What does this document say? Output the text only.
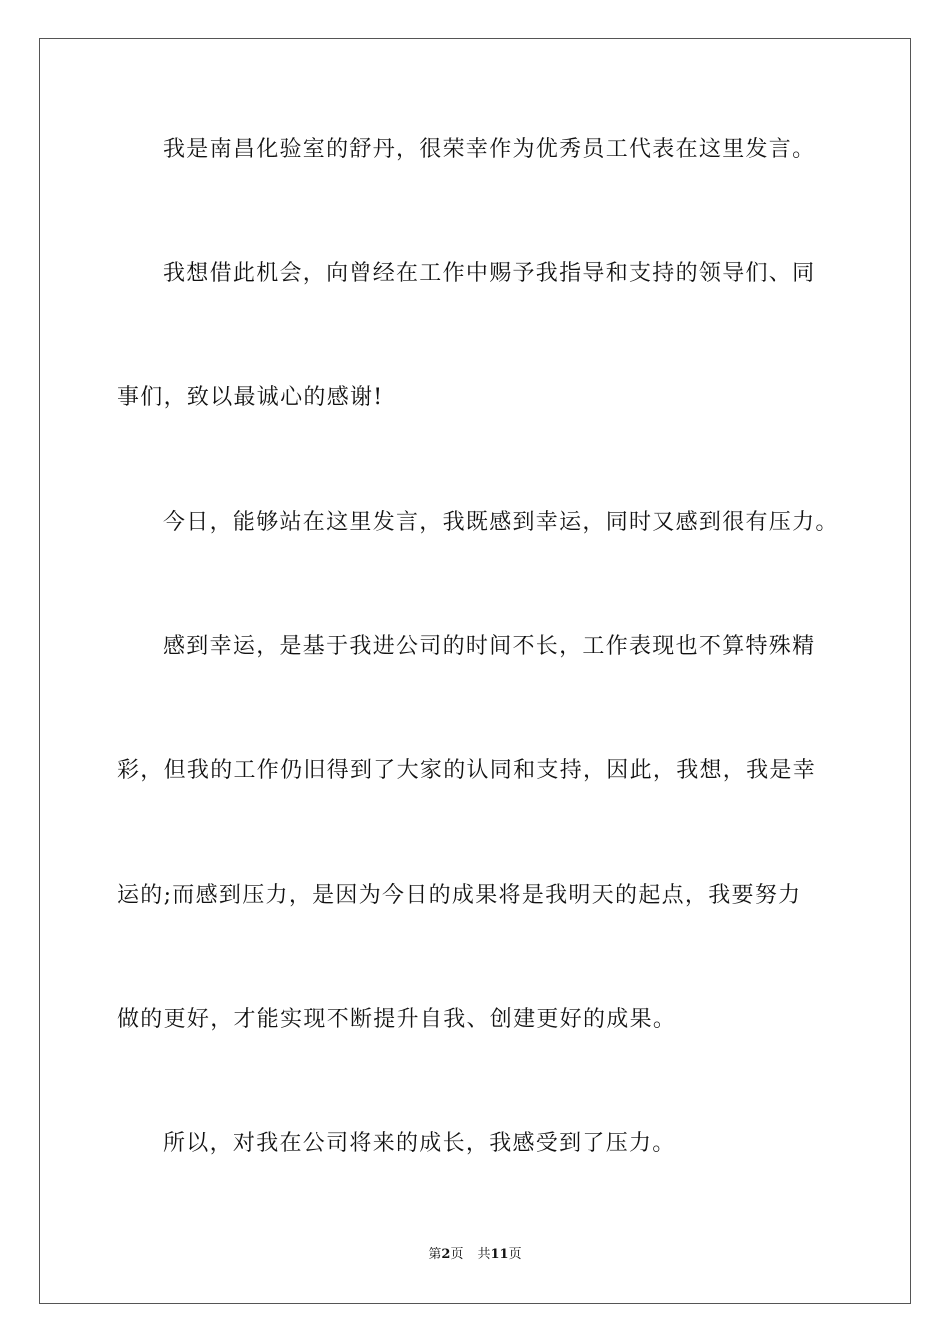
我是南昌化验室的舒丹，很荣幸作为优秀员工代表在这里发言。
我想借此机会，向曾经在工作中赐予我指导和支持的领导们、同
事们，致以最诚心的感谢!
今日，能够站在这里发言，我既感到幸运，同时又感到很有压力。
感到幸运，是基于我进公司的时间不长，工作表现也不算特殊精
彩，但我的工作仍旧得到了大家的认同和支持，因此，我想，我是幸
运的;而感到压力，是因为今日的成果将是我明天的起点，我要努力
做的更好，才能实现不断提升自我、创建更好的成果。
所以，对我在公司将来的成长，我感受到了压力。
第2页 共11页
